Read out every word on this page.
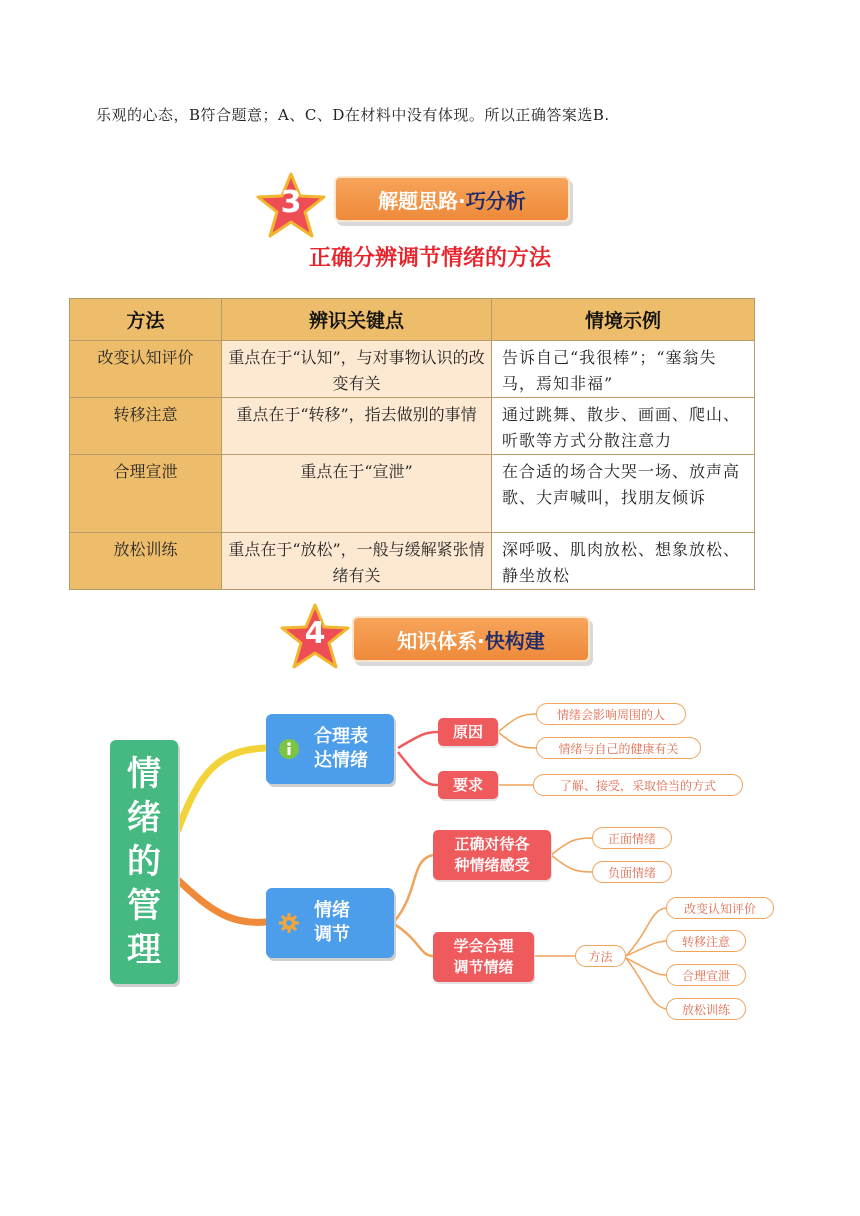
乐观的心态，B符合题意；A、C、D在材料中没有体现。所以正确答案选B.

3	解题思路· 巧分析
正确分辨调节情绪的方法
方法	辨识关键点	情境示例
改变认知评价	重点在于“认知”，与对事物认识的改变有关	告诉自己“我很棒”；“塞翁失马，焉知非福”
转移注意	重点在于“转移”，指去做别的事情	通过跳舞、散步、画画、爬山、听歌等方式分散注意力
合理宣泄	重点在于“宣泄”	在合适的场合大哭一场、放声高歌、大声喊叫，找朋友倾诉
放松训练	重点在于“放松”，一般与缓解紧张情绪有关	深呼吸、肌肉放松、想象放松、静坐放松
4	知识体系· 快构建
情
绪
的
管
理
合理表
达情绪
原因
要求
情绪会影响周围的人
情绪与自己的健康有关
了解、接受，采取恰当的方式
情绪
调节
正确对待各
种情绪感受
学会合理
调节情绪
正面情绪
负面情绪
方法
改变认知评价
转移注意
合理宣泄
放松训练
